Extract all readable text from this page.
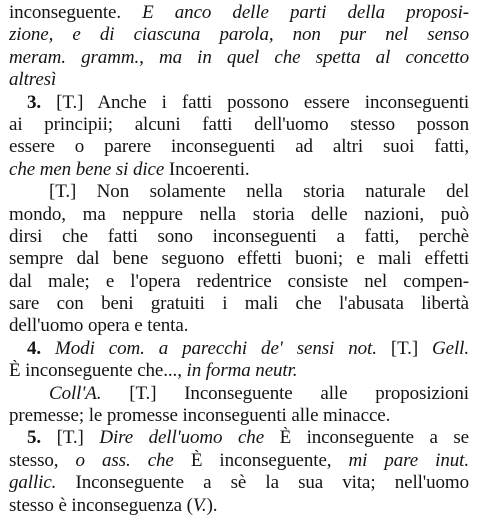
inconseguente. E anco delle parti della proposi-
zione, e di ciascuna parola, non pur nel senso
meram. gramm., ma in quel che spetta al concetto
altresì
3. [T.] Anche i fatti possono essere inconseguenti
ai principii; alcuni fatti dell'uomo stesso posson
essere o parere inconseguenti ad altri suoi fatti,
che men bene si dice Incoerenti.
[T.] Non solamente nella storia naturale del
mondo, ma neppure nella storia delle nazioni, può
dirsi che fatti sono inconseguenti a fatti, perchè
sempre dal bene seguono effetti buoni; e mali effetti
dal male; e l'opera redentrice consiste nel compen-
sare con beni gratuiti i mali che l'abusata libertà
dell'uomo opera e tenta.
4. Modi com. a parecchi de' sensi not. [T.] Gell.
È inconseguente che..., in forma neutr.
Coll'A. [T.] Inconseguente alle proposizioni
premesse; le promesse inconseguenti alle minacce.
5. [T.] Dire dell'uomo che È inconseguente a se
stesso, o ass. che È inconseguente, mi pare inut.
gallic. Inconseguente a sè la sua vita; nell'uomo
stesso è inconseguenza (V.).
